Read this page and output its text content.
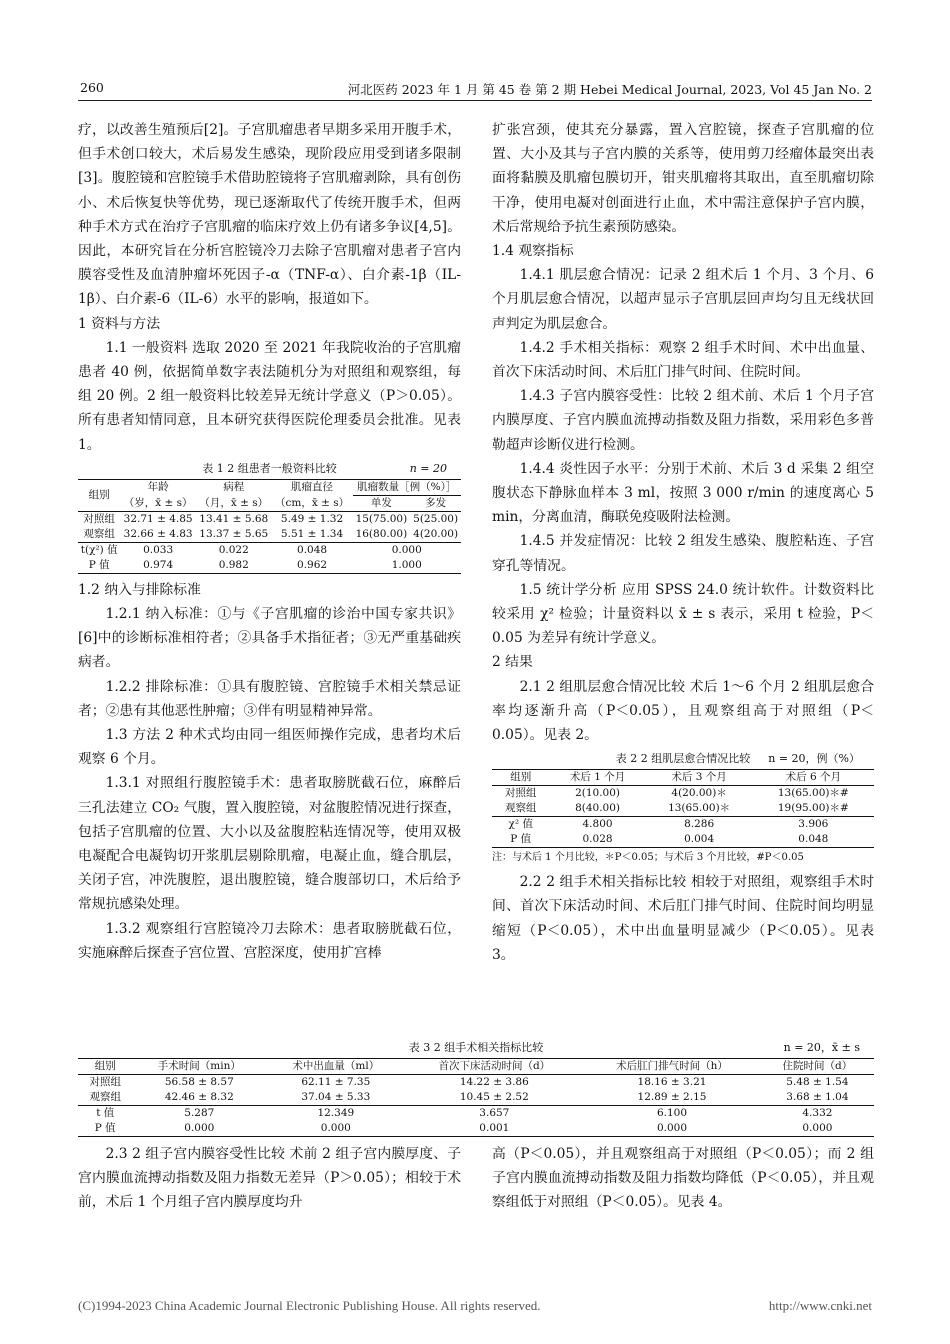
260	河北医药 2023 年 1 月 第 45 卷 第 2 期 Hebei Medical Journal, 2023, Vol 45 Jan No. 2

疗，以改善生殖预后[2]。子宫肌瘤患者早期多采用开腹手术，但手术创口较大，术后易发生感染，现阶段应用受到诸多限制[3]。腹腔镜和宫腔镜手术借助腔镜将子宫肌瘤剥除，具有创伤小、术后恢复快等优势，现已逐渐取代了传统开腹手术，但两种手术方式在治疗子宫肌瘤的临床疗效上仍有诸多争议[4,5]。因此，本研究旨在分析宫腔镜冷刀去除子宫肌瘤对患者子宫内膜容受性及血清肿瘤坏死因子-α（TNF-α）、白介素-1β（IL-1β）、白介素-6（IL-6）水平的影响，报道如下。

1 资料与方法

1.1 一般资料 选取 2020 至 2021 年我院收治的子宫肌瘤患者 40 例，依据简单数字表法随机分为对照组和观察组，每组 20 例。2 组一般资料比较差异无统计学意义（P＞0.05）。所有患者知情同意，且本研究获得医院伦理委员会批准。见表 1。

表 1 2 组患者一般资料比较	n = 20
组别	年龄	病程	肌瘤直径	肌瘤数量［例（%）］	
	（岁，x̄ ± s）	（月，x̄ ± s）	（cm，x̄ ± s）	单发	多发
对照组	32.71 ± 4.85	13.41 ± 5.68	5.49 ± 1.32	15(75.00)	5(25.00)
观察组	32.66 ± 4.83	13.37 ± 5.65	5.51 ± 1.34	16(80.00)	4(20.00)
t(χ²) 值	0.033	0.022	0.048	0.000	
P 值	0.974	0.982	0.962	1.000	

1.2 纳入与排除标准

1.2.1 纳入标准：①与《子宫肌瘤的诊治中国专家共识》[6]中的诊断标准相符者；②具备手术指征者；③无严重基础疾病者。

1.2.2 排除标准：①具有腹腔镜、宫腔镜手术相关禁忌证者；②患有其他恶性肿瘤；③伴有明显精神异常。

1.3 方法 2 种术式均由同一组医师操作完成，患者均术后观察 6 个月。

1.3.1 对照组行腹腔镜手术：患者取膀胱截石位，麻醉后三孔法建立 CO₂ 气腹，置入腹腔镜，对盆腹腔情况进行探查，包括子宫肌瘤的位置、大小以及盆腹腔粘连情况等，使用双极电凝配合电凝钩切开浆肌层剔除肌瘤，电凝止血，缝合肌层，关闭子宫，冲洗腹腔，退出腹腔镜，缝合腹部切口，术后给予常规抗感染处理。

1.3.2 观察组行宫腔镜冷刀去除术：患者取膀胱截石位，实施麻醉后探查子宫位置、宫腔深度，使用扩宫棒

扩张宫颈，使其充分暴露，置入宫腔镜，探查子宫肌瘤的位置、大小及其与子宫内膜的关系等，使用剪刀经瘤体最突出表面将黏膜及肌瘤包膜切开，钳夹肌瘤将其取出，直至肌瘤切除干净，使用电凝对创面进行止血，术中需注意保护子宫内膜，术后常规给予抗生素预防感染。

1.4 观察指标

1.4.1 肌层愈合情况：记录 2 组术后 1 个月、3 个月、6 个月肌层愈合情况，以超声显示子宫肌层回声均匀且无线状回声判定为肌层愈合。

1.4.2 手术相关指标：观察 2 组手术时间、术中出血量、首次下床活动时间、术后肛门排气时间、住院时间。

1.4.3 子宫内膜容受性：比较 2 组术前、术后 1 个月子宫内膜厚度、子宫内膜血流搏动指数及阻力指数，采用彩色多普勒超声诊断仪进行检测。

1.4.4 炎性因子水平：分别于术前、术后 3 d 采集 2 组空腹状态下静脉血样本 3 ml，按照 3 000 r/min 的速度离心 5 min，分离血清，酶联免疫吸附法检测。

1.4.5 并发症情况：比较 2 组发生感染、腹腔粘连、子宫穿孔等情况。

1.5 统计学分析 应用 SPSS 24.0 统计软件。计数资料比较采用 χ² 检验；计量资料以 x̄ ± s 表示，采用 t 检验，P＜0.05 为差异有统计学意义。

2 结果

2.1 2 组肌层愈合情况比较 术后 1～6 个月 2 组肌层愈合率均逐渐升高（P＜0.05），且观察组高于对照组（P＜0.05）。见表 2。

表 2 2 组肌层愈合情况比较 n = 20，例（%）
组别	术后 1 个月	术后 3 个月	术后 6 个月
对照组	2(10.00)	4(20.00)＊	13(65.00)＊#
观察组	8(40.00)	13(65.00)＊	19(95.00)＊#
χ² 值	4.800	8.286	3.906
P 值	0.028	0.004	0.048
注：与术后 1 个月比较，＊P＜0.05；与术后 3 个月比较，#P＜0.05

2.2 2 组手术相关指标比较 相较于对照组，观察组手术时间、首次下床活动时间、术后肛门排气时间、住院时间均明显缩短（P＜0.05），术中出血量明显减少（P＜0.05）。见表 3。

表 3 2 组手术相关指标比较	n = 20，x̄ ± s
组别	手术时间（min）	术中出血量（ml）	首次下床活动时间（d）	术后肛门排气时间（h）	住院时间（d）
对照组	56.58 ± 8.57	62.11 ± 7.35	14.22 ± 3.86	18.16 ± 3.21	5.48 ± 1.54
观察组	42.46 ± 8.32	37.04 ± 5.33	10.45 ± 2.52	12.89 ± 2.15	3.68 ± 1.04
t 值	5.287	12.349	3.657	6.100	4.332
P 值	0.000	0.000	0.001	0.000	0.000

2.3 2 组子宫内膜容受性比较 术前 2 组子宫内膜厚度、子宫内膜血流搏动指数及阻力指数无差异（P＞0.05）；相较于术前，术后 1 个月组子宫内膜厚度均升

高（P＜0.05），并且观察组高于对照组（P＜0.05）；而 2 组子宫内膜血流搏动指数及阻力指数均降低（P＜0.05），并且观察组低于对照组（P＜0.05）。见表 4。

(C)1994-2023 China Academic Journal Electronic Publishing House. All rights reserved.	http://www.cnki.net
